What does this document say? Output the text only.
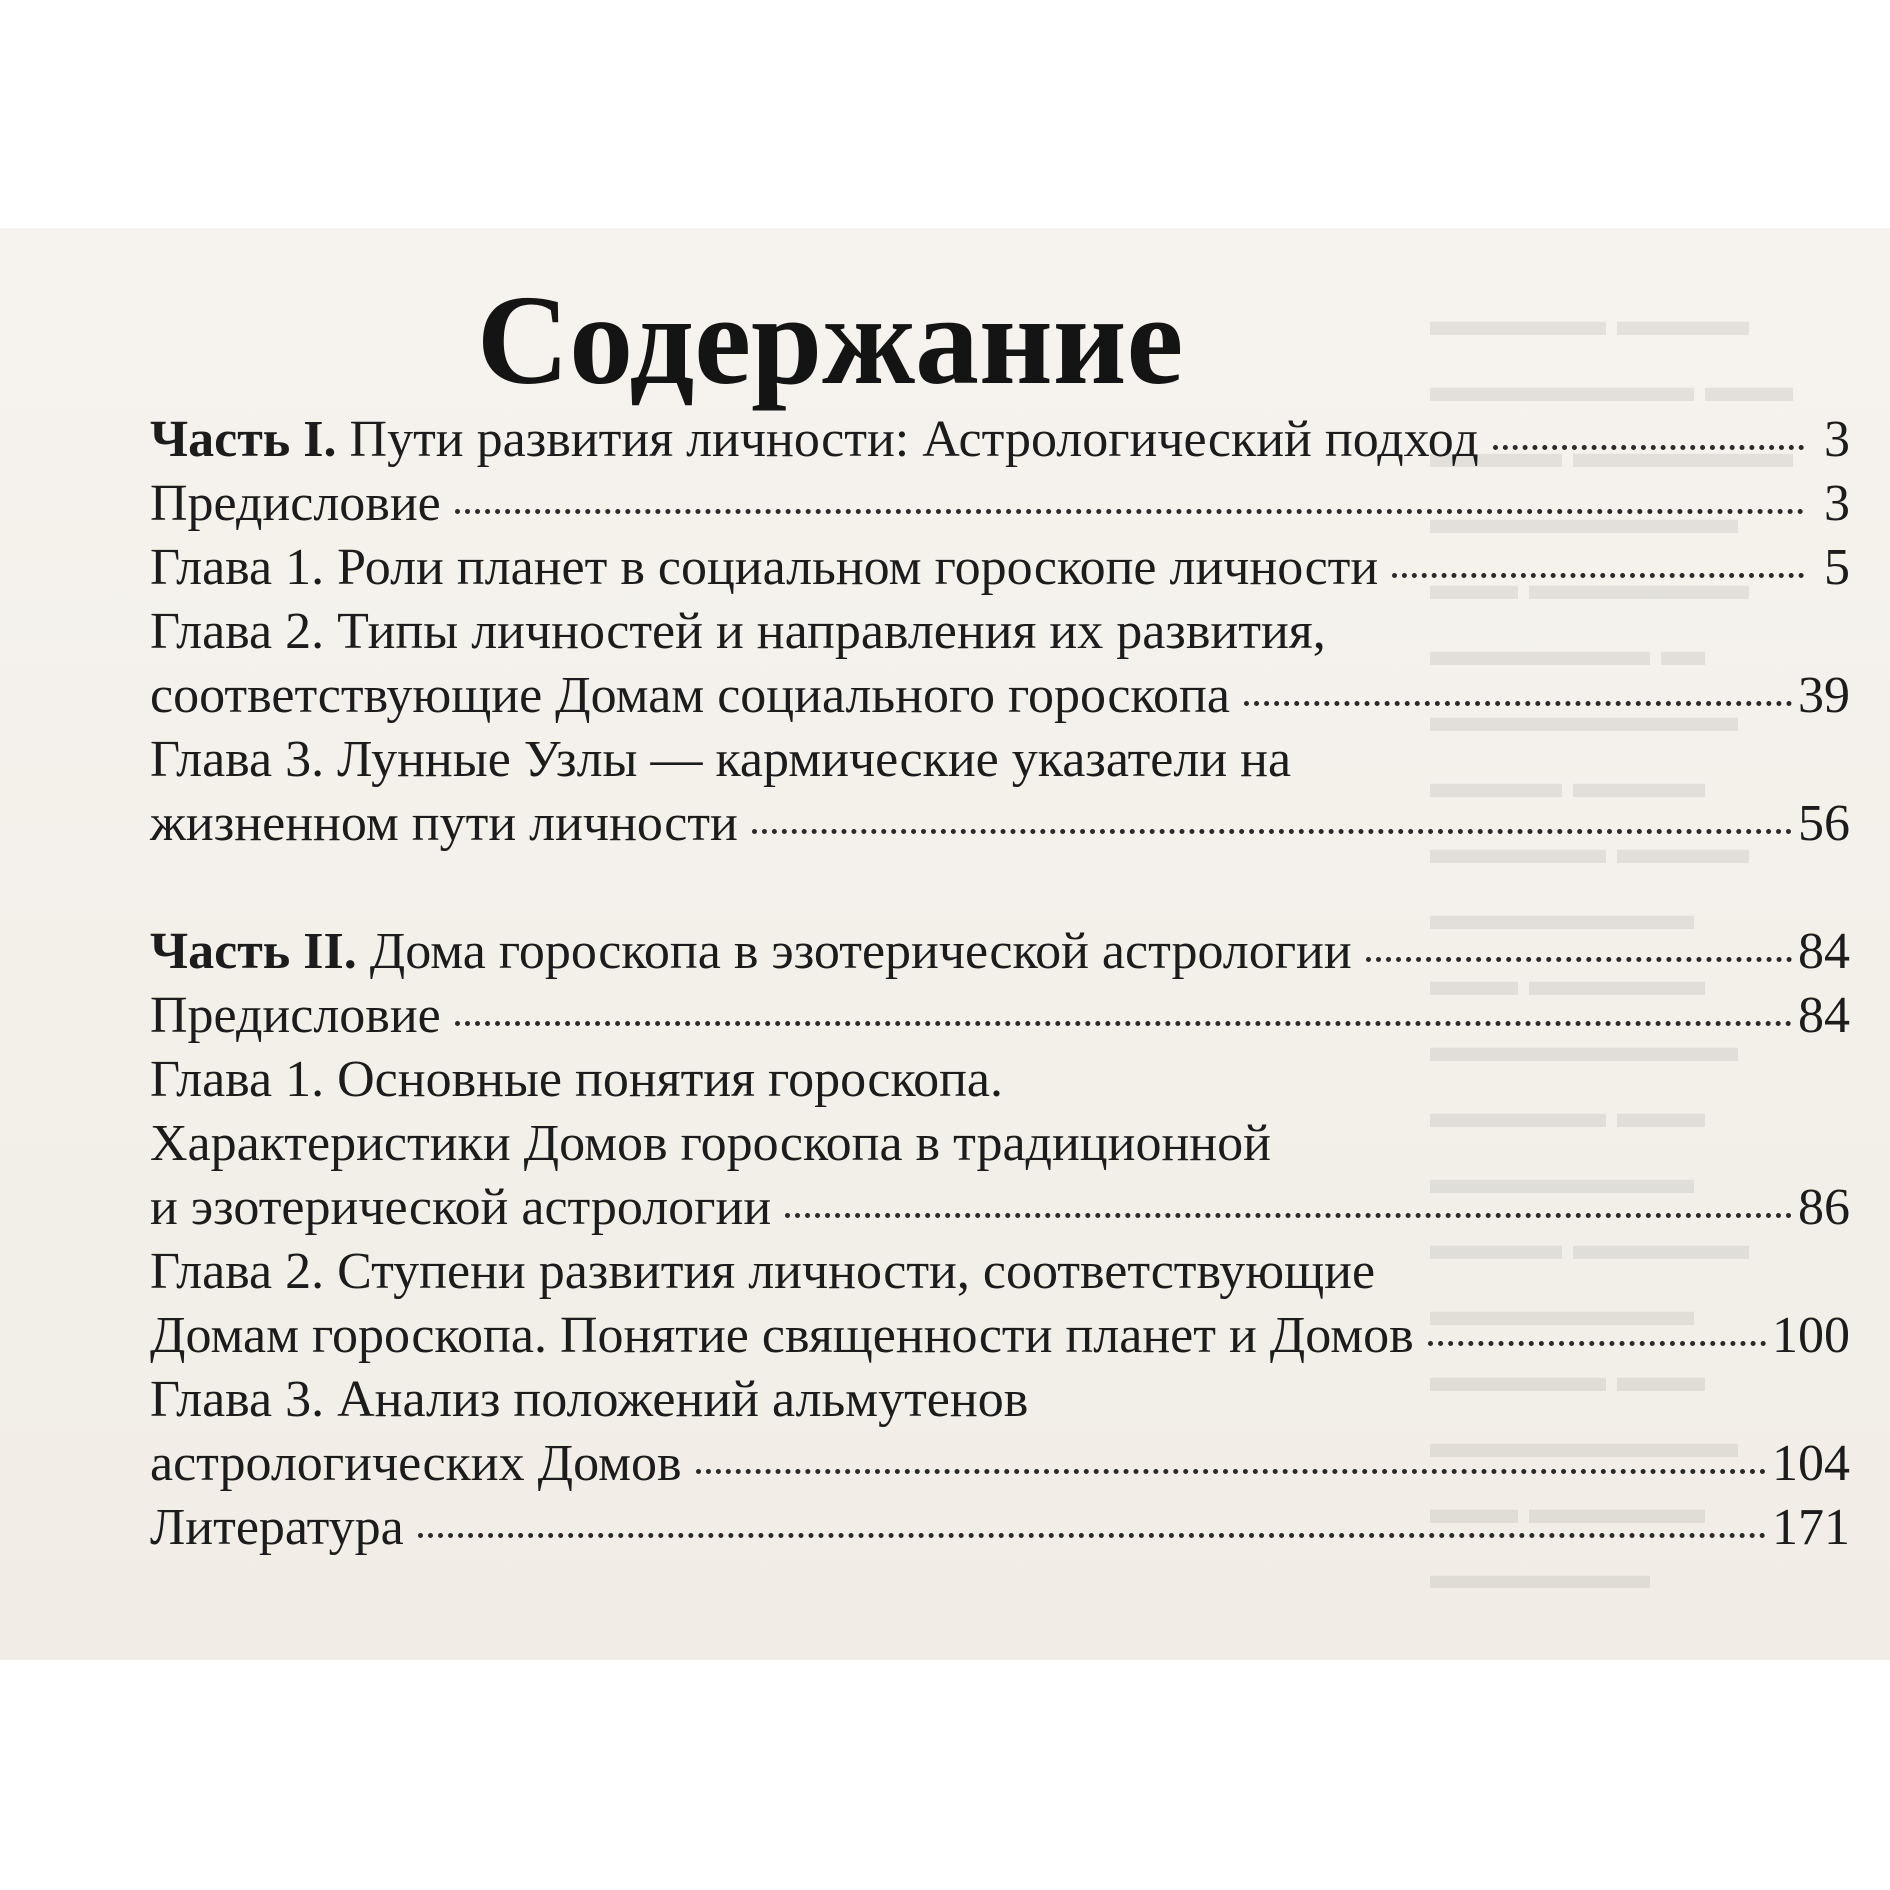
▬▬▬▬ ▬▬▬
▬▬▬▬▬▬ ▬▬
▬▬▬ ▬▬▬▬▬
▬▬▬▬▬▬▬
▬▬ ▬▬▬▬▬
▬▬▬▬▬ ▬
▬▬▬▬▬▬▬
▬▬▬ ▬▬▬
▬▬▬▬ ▬▬▬
▬▬▬▬▬▬
▬▬ ▬▬▬▬
▬▬▬▬▬▬▬
▬▬▬▬ ▬▬
▬▬▬▬▬▬
▬▬▬ ▬▬▬▬
▬▬▬▬▬▬
▬▬▬▬ ▬▬
▬▬▬▬▬▬▬
▬▬ ▬▬▬▬
▬▬▬▬▬
Содержание
Часть I. Пути развития личности: Астрологический подход	3
Предисловие	3
Глава 1. Роли планет в социальном гороскопе личности	5
Глава 2. Типы личностей и направления их развития,
соответствующие Домам социального гороскопа	39
Глава 3. Лунные Узлы — кармические указатели на
жизненном пути личности	56
Часть II. Дома гороскопа в эзотерической астрологии	84
Предисловие	84
Глава 1. Основные понятия гороскопа.
Характеристики Домов гороскопа в традиционной
и эзотерической астрологии	86
Глава 2. Ступени развития личности, соответствующие
Домам гороскопа. Понятие священности планет и Домов	100
Глава 3. Анализ положений альмутенов
астрологических Домов	104
Литература	171
